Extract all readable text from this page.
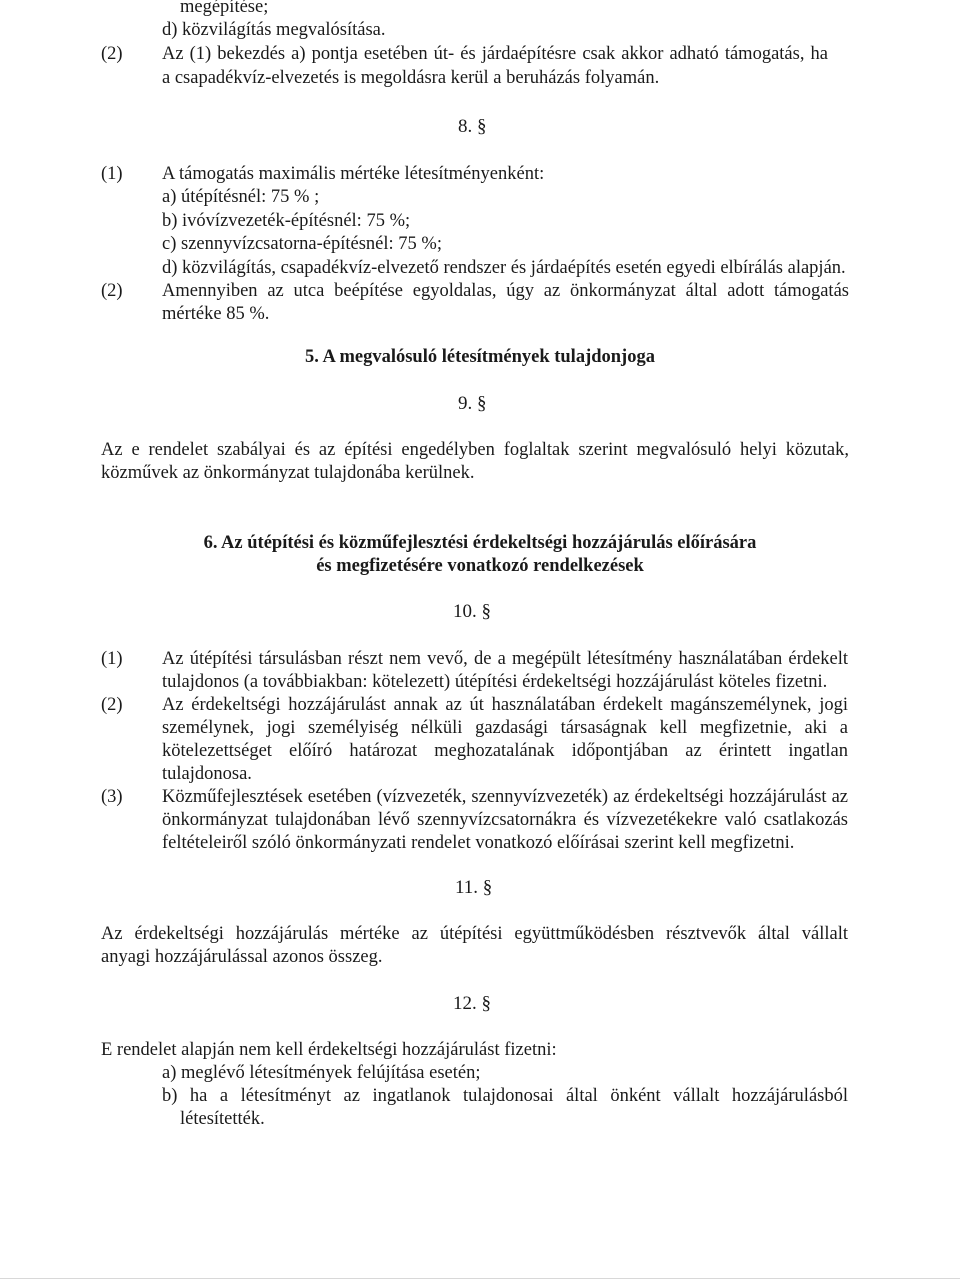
megépítése;
d) közvilágítás megvalósítása.
(2) Az (1) bekezdés a) pontja esetében út- és járdaépítésre csak akkor adható támogatás, ha
a csapadékvíz-elvezetés is megoldásra kerül a beruházás folyamán.
8. §
(1) A támogatás maximális mértéke létesítményenként:
a) útépítésnél: 75 % ;
b) ivóvízvezeték-építésnél: 75 %;
c) szennyvízcsatorna-építésnél: 75 %;
d) közvilágítás, csapadékvíz-elvezető rendszer és járdaépítés esetén egyedi elbírálás alapján.
(2) Amennyiben az utca beépítése egyoldalas, úgy az önkormányzat által adott támogatás
mértéke 85 %.
5. A megvalósuló létesítmények tulajdonjoga
9. §
Az e rendelet szabályai és az építési engedélyben foglaltak szerint megvalósuló helyi közutak,
közművek az önkormányzat tulajdonába kerülnek.
6. Az útépítési és közműfejlesztési érdekeltségi hozzájárulás előírására
és megfizetésére vonatkozó rendelkezések
10. §
(1) Az útépítési társulásban részt nem vevő, de a megépült létesítmény használatában érdekelt
tulajdonos (a továbbiakban: kötelezett) útépítési érdekeltségi hozzájárulást köteles fizetni.
(2) Az érdekeltségi hozzájárulást annak az út használatában érdekelt magánszemélynek, jogi
személynek, jogi személyiség nélküli gazdasági társaságnak kell megfizetnie, aki a
kötelezettséget előíró határozat meghozatalának időpontjában az érintett ingatlan
tulajdonosa.
(3) Közműfejlesztések esetében (vízvezeték, szennyvízvezeték) az érdekeltségi hozzájárulást az
önkormányzat tulajdonában lévő szennyvízcsatornákra és vízvezetékekre való csatlakozás
feltételeiről szóló önkormányzati rendelet vonatkozó előírásai szerint kell megfizetni.
11. §
Az érdekeltségi hozzájárulás mértéke az útépítési együttműködésben résztvevők által vállalt
anyagi hozzájárulással azonos összeg.
12. §
E rendelet alapján nem kell érdekeltségi hozzájárulást fizetni:
a) meglévő létesítmények felújítása esetén;
b) ha a létesítményt az ingatlanok tulajdonosai által önként vállalt hozzájárulásból
létesítették.
